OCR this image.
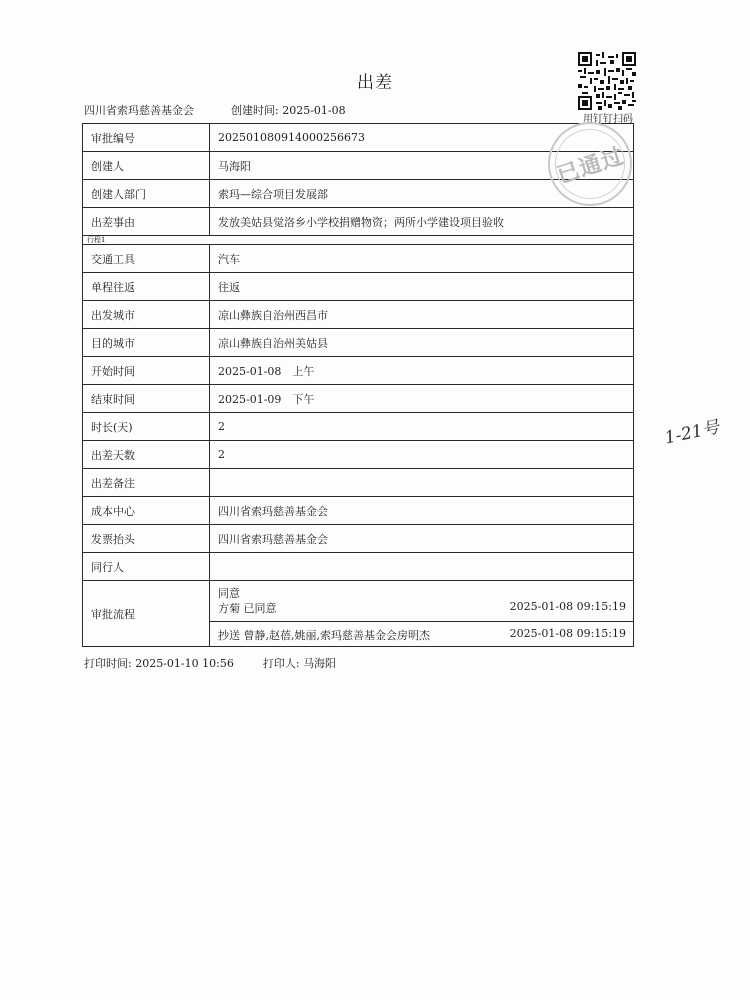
出差
四川省索玛慈善基金会	创建时间: 2025-01-08
用钉钉扫码
审批编号	202501080914000256673
创建人	马海阳
创建人部门	索玛—综合项目发展部
出差事由	发放美姑县觉洛乡小学校捐赠物资；两所小学建设项目验收
行程1	
交通工具	汽车
单程往返	往返
出发城市	凉山彝族自治州西昌市
目的城市	凉山彝族自治州美姑县
开始时间	2025-01-08　上午
结束时间	2025-01-09　下午
时长(天)	2
出差天数	2
出差备注	
成本中心	四川省索玛慈善基金会
发票抬头	四川省索玛慈善基金会
同行人	
审批流程	同意
方菊 已同意 2025-01-08 09:15:19
抄送 曾静,赵蓓,姚丽,索玛慈善基金会房明杰 2025-01-08 09:15:19
已通过
打印时间: 2025-01-10 10:56	打印人: 马海阳
1-21号
